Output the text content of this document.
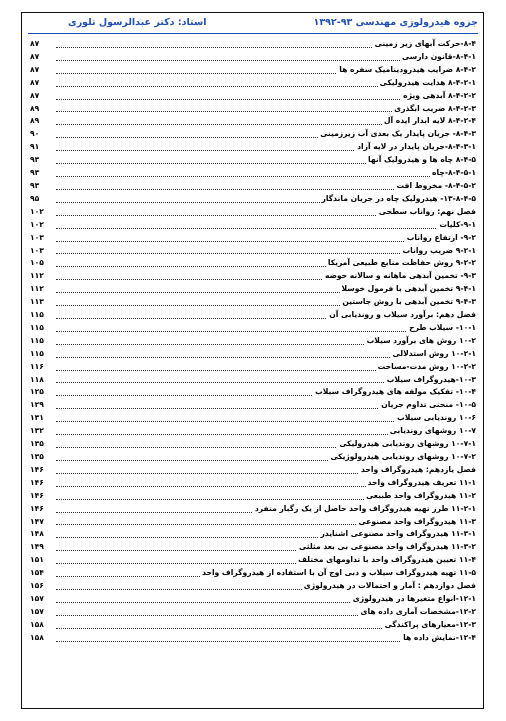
جزوه هیدرولوژی مهندسی ۹۳-۱۳۹۲
استاد: دکتر عبدالرسول تلوری
۸-۴-حرکت آبهای زیر زمینی
۸۷
۸-۴-۱-قانون دارسی
۸۷
۸-۴-۲ ضرایب هیدرودینامیک سفره ها
۸۷
۸-۴-۲-۱ هدایت هیدرولیکی
۸۷
۸-۴-۲-۲ آبدهی ویژه
۸۷
۸-۴-۲-۳ ضریب ابگذری
۸۹
۸-۴-۲-۴ لایه ابدار ایده آل
۸۹
۸-۴-۳- جریان پایدار یک بعدی آب زیرزمینی
۹۰
۸-۴-۳-۱-جریان پایدار در لایه آزاد
۹۱
۸-۴-۵ چاه ها و هیدرولیک آنها
۹۳
۸-۴-۵-۱-چاه
۹۳
۸-۴-۵-۲- مخروط افت
۹۳
۱۳-۸-۴-۵- هیدرولیک چاه در جریان ماندگار
۹۵
فصل نهم: رواناب سطحی
۱۰۲
۹-۱-کلیات
۱۰۲
۹-۲- ارتفاع رواناب
۱۰۳
۹-۲-۱ ضریب رواناب
۱۰۳
۹-۲-۲ روش حفاظت منابع طبیعی آمریکا
۱۰۵
۹-۳- تخمین آبدهی ماهانه و سالانه حوضه
۱۱۲
۹-۴-۱ تخمین آبدهی با فرمول خوسلا
۱۱۲
۹-۴-۳ تخمین آبدهی با روش جاستین
۱۱۳
فصل دهم: برآورد سیلاب و روندیابی آن
۱۱۵
۱۰-۱- سیلاب طرح
۱۱۵
۱۰-۲ روش های برآورد سیلاب
۱۱۵
۱۰-۲-۱ روش استدلالی
۱۱۵
۱۰-۲-۲ روش مدت-مساحت
۱۱۶
۱۰-۳-هیدروگراف سیلاب
۱۱۸
۱۰-۴- تفکیک مولفه های هیدروگراف سیلاب
۱۲۵
۱۰-۵- منحنی تداوم جریان
۱۲۹
۱۰-۶ روندیابی سیلاب
۱۳۱
۱۰-۷ روشهای روندیابی
۱۳۲
۱۰-۷-۱ روشهای روندیابی هیدرولیکی
۱۳۵
۱۰-۷-۲ روشهای روندیابی هیدرولوژیکی
۱۳۵
فصل یازدهم: هیدروگراف واحد
۱۴۶
۱۱-۱ تعریف هیدروگراف واحد
۱۴۶
۱۱-۲ هیدروگراف واحد طبیعی
۱۴۶
۱۱-۲-۱ طرز تهیه هیدروگراف واحد حاصل از یک رگبار منفرد
۱۴۶
۱۱-۳ هیدروگراف واحد مصنوعی
۱۴۷
۱۱-۳-۱ هیدروگراف واحد مصنوعی اشنایدر
۱۴۸
۱۱-۳-۲ هیدروگراف واحد مصنوعی بی بعد مثلثی
۱۴۹
۱۱-۴ تعیین هیدروگراف واحد با تداومهای مختلف
۱۵۱
۱۱-۵ تهیه هیدروگراف سیلاب و دبی اوج آن با استفاده از هیدروگراف واحد
۱۵۴
فصل دوازدهم : آمار و احتمالات در هیدرولوژی
۱۵۶
۱۲-۱-انواع متغیرها در هیدرولوژی
۱۵۷
۱۲-۲-مشخصات آماری داده های
۱۵۷
۱۲-۳-معیارهای پراکندگی
۱۵۸
۱۲-۴-نمایش داده ها
۱۵۸
